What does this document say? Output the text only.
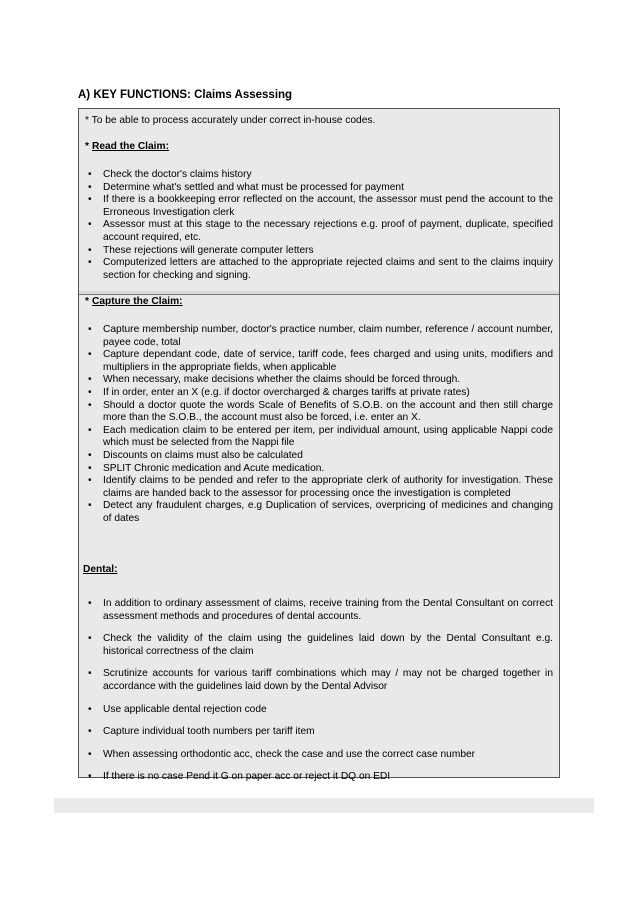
A) KEY FUNCTIONS: Claims Assessing
* To be able to process accurately under correct in-house codes.
* Read the Claim:
• Check the doctor's claims history
• Determine what's settled and what must be processed for payment
• If there is a bookkeeping error reflected on the account, the assessor must pend the account to the Erroneous Investigation clerk
• Assessor must at this stage to the necessary rejections e.g. proof of payment, duplicate, specified account required, etc.
• These rejections will generate computer letters
• Computerized letters are attached to the appropriate rejected claims and sent to the claims inquiry section for checking and signing.
* Capture the Claim:
• Capture membership number, doctor's practice number, claim number, reference / account number, payee code, total
• Capture dependant code, date of service, tariff code, fees charged and using units, modifiers and multipliers in the appropriate fields, when applicable
• When necessary, make decisions whether the claims should be forced through.
• If in order, enter an X (e.g. if doctor overcharged & charges tariffs at private rates)
• Should a doctor quote the words Scale of Benefits of S.O.B. on the account and then still charge more than the S.O.B., the account must also be forced, i.e. enter an X.
• Each medication claim to be entered per item, per individual amount, using applicable Nappi code which must be selected from the Nappi file
• Discounts on claims must also be calculated
• SPLIT Chronic medication and Acute medication.
• Identify claims to be pended and refer to the appropriate clerk of authority for investigation. These claims are handed back to the assessor for processing once the investigation is completed
• Detect any fraudulent charges, e.g Duplication of services, overpricing of medicines and changing of dates
Dental:
• In addition to ordinary assessment of claims, receive training from the Dental Consultant on correct assessment methods and procedures of dental accounts.
• Check the validity of the claim using the guidelines laid down by the Dental Consultant e.g. historical correctness of the claim
• Scrutinize accounts for various tariff combinations which may / may not be charged together in accordance with the guidelines laid down by the Dental Advisor
• Use applicable dental rejection code
• Capture individual tooth numbers per tariff item
• When assessing orthodontic acc, check the case and use the correct case number
• If there is no case Pend it G on paper acc or reject it DQ on EDI
